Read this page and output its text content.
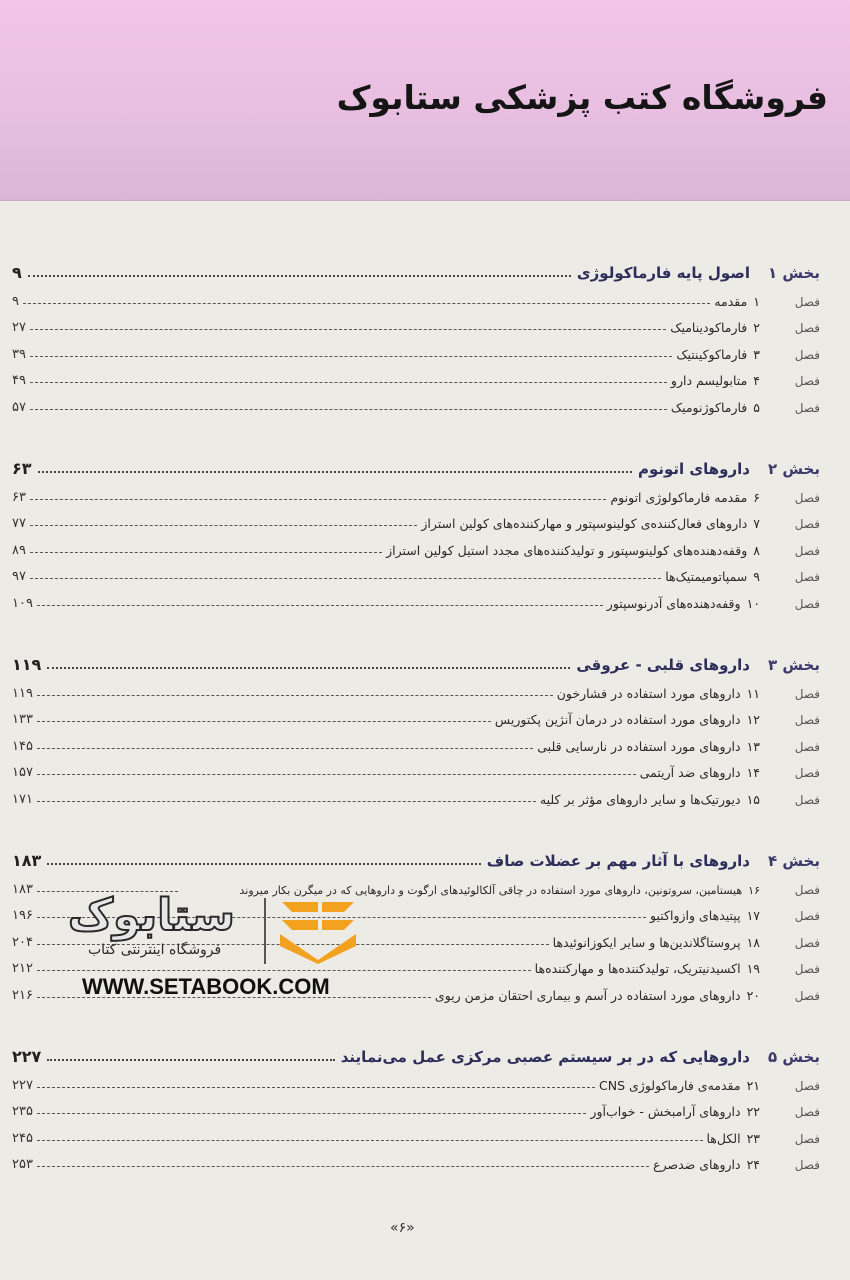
فروشگاه کتب پزشکی ستابوک
بخش ۱
اصول پایه فارماکولوژی
۹
فصل
۱
مقدمه
۹
فصل
۲
فارماکودینامیک
۲۷
فصل
۳
فارماکوکینتیک
۳۹
فصل
۴
متابولیسم دارو
۴۹
فصل
۵
فارماکوژنومیک
۵۷
بخش ۲
داروهای اتونوم
۶۳
فصل
۶
مقدمه فارماکولوژی اتونوم
۶۳
فصل
۷
داروهای فعال‌کننده‌ی کولینوسپتور و مهارکننده‌های کولین استراز
۷۷
فصل
۸
وقفه‌دهنده‌های کولینوسپتور و تولیدکننده‌های مجدد استیل کولین استراز
۸۹
فصل
۹
سمپاتومیمتیک‌ها
۹۷
فصل
۱۰
وقفه‌دهنده‌های آدرنوسپتور
۱۰۹
بخش ۳
داروهای قلبی - عروقی
۱۱۹
فصل
۱۱
داروهای مورد استفاده در فشارخون
۱۱۹
فصل
۱۲
داروهای مورد استفاده در درمان آنژین پکتوریس
۱۳۳
فصل
۱۳
داروهای مورد استفاده در نارسایی قلبی
۱۴۵
فصل
۱۴
داروهای ضد آریتمی
۱۵۷
فصل
۱۵
دیورتیک‌ها و سایر داروهای مؤثر بر کلیه
۱۷۱
بخش ۴
داروهای با آثار مهم بر عضلات صاف
۱۸۳
فصل
۱۶
هیستامین، سروتونین، داروهای مورد استفاده در چاقی آلکالوئیدهای ارگوت و داروهایی که در میگرن بکار میروند
۱۸۳
فصل
۱۷
پپتیدهای وازواکتیو
۱۹۶
فصل
۱۸
پروستاگلاندین‌ها و سایر ایکوزانوئیدها
۲۰۴
فصل
۱۹
اکسیدنیتریک، تولیدکننده‌ها و مهارکننده‌ها
۲۱۲
فصل
۲۰
داروهای مورد استفاده در آسم و بیماری احتقان مزمن ریوی
۲۱۶
بخش ۵
داروهایی که در بر سیستم عصبی مرکزی عمل می‌نمایند
۲۲۷
فصل
۲۱
مقدمه‌ی فارماکولوژی CNS
۲۲۷
فصل
۲۲
داروهای آرامبخش - خواب‌آور
۲۳۵
فصل
۲۳
الکل‌ها
۲۴۵
فصل
۲۴
داروهای ضدصرع
۲۵۳
«۶»
ستابوک
فروشگاه اینترنتی کتاب
WWW.SETABOOK.COM
